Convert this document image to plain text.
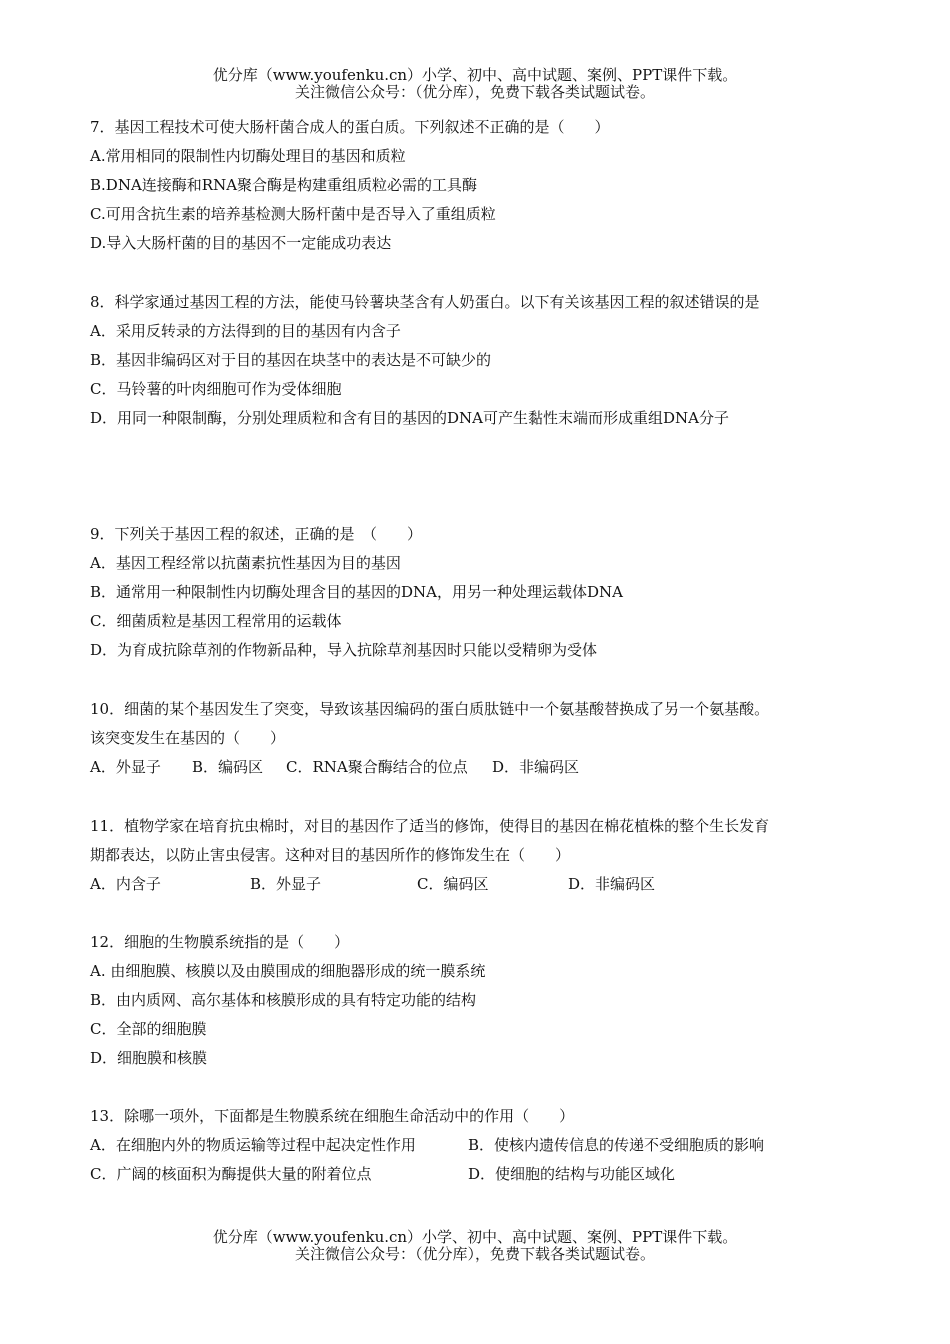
优分库（www.youfenku.cn）小学、初中、高中试题、案例、PPT课件下载。
关注微信公众号：（优分库），免费下载各类试题试卷。
7．基因工程技术可使大肠杆菌合成人的蛋白质。下列叙述不正确的是（　　）
A.常用相同的限制性内切酶处理目的基因和质粒
B.DNA连接酶和RNA聚合酶是构建重组质粒必需的工具酶
C.可用含抗生素的培养基检测大肠杆菌中是否导入了重组质粒
D.导入大肠杆菌的目的基因不一定能成功表达
8．科学家通过基因工程的方法，能使马铃薯块茎含有人奶蛋白。以下有关该基因工程的叙述错误的是
A．采用反转录的方法得到的目的基因有内含子
B．基因非编码区对于目的基因在块茎中的表达是不可缺少的
C．马铃薯的叶肉细胞可作为受体细胞
D．用同一种限制酶，分别处理质粒和含有目的基因的DNA可产生黏性末端而形成重组DNA分子
9．下列关于基因工程的叙述，正确的是　（　　）
A．基因工程经常以抗菌素抗性基因为目的基因
B．通常用一种限制性内切酶处理含目的基因的DNA，用另一种处理运载体DNA
C．细菌质粒是基因工程常用的运载体
D．为育成抗除草剂的作物新品种，导入抗除草剂基因时只能以受精卵为受体
10．细菌的某个基因发生了突变，导致该基因编码的蛋白质肽链中一个氨基酸替换成了另一个氨基酸。
该突变发生在基因的（　　）
A．外显子	B．编码区	C．RNA聚合酶结合的位点	D．非编码区
11．植物学家在培育抗虫棉时，对目的基因作了适当的修饰，使得目的基因在棉花植株的整个生长发育
期都表达，以防止害虫侵害。这种对目的基因所作的修饰发生在（　　）
A．内含子	B．外显子	C．编码区	D．非编码区
12．细胞的生物膜系统指的是（　　）
A. 由细胞膜、核膜以及由膜围成的细胞器形成的统一膜系统
B．由内质网、高尔基体和核膜形成的具有特定功能的结构
C．全部的细胞膜
D．细胞膜和核膜
13．除哪一项外，下面都是生物膜系统在细胞生命活动中的作用（　　）
A．在细胞内外的物质运输等过程中起决定性作用	B．使核内遗传信息的传递不受细胞质的影响
C．广阔的核面积为酶提供大量的附着位点	D．使细胞的结构与功能区域化
优分库（www.youfenku.cn）小学、初中、高中试题、案例、PPT课件下载。
关注微信公众号：（优分库），免费下载各类试题试卷。
